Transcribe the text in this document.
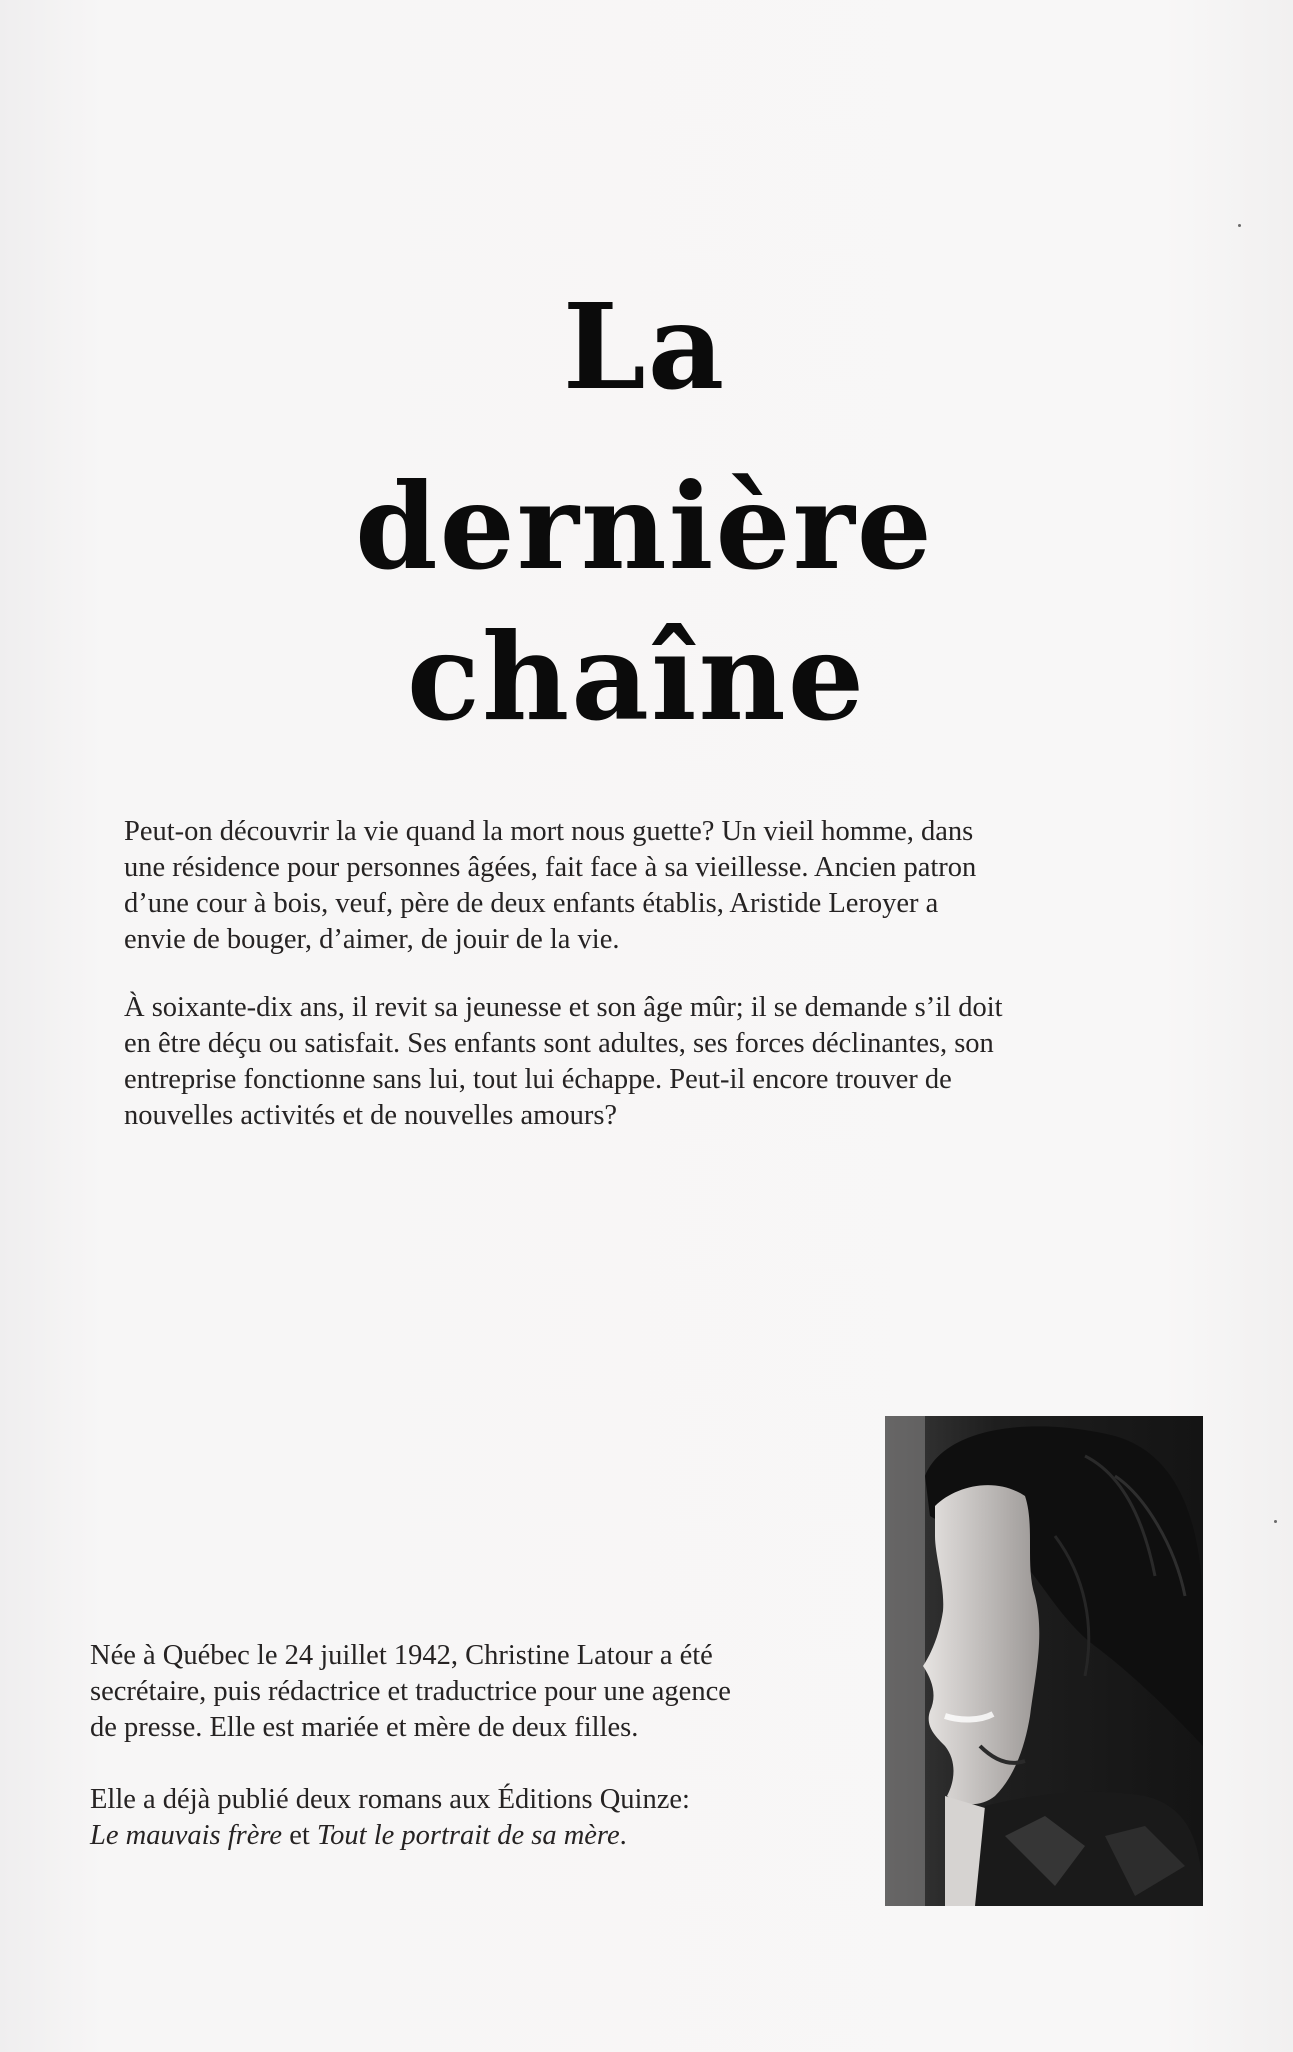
La
dernière
chaîne

Peut-on découvrir la vie quand la mort nous guette? Un vieil homme, dans
une résidence pour personnes âgées, fait face à sa vieillesse. Ancien patron
d’une cour à bois, veuf, père de deux enfants établis, Aristide Leroyer a
envie de bouger, d’aimer, de jouir de la vie.

À soixante-dix ans, il revit sa jeunesse et son âge mûr; il se demande s’il doit
en être déçu ou satisfait. Ses enfants sont adultes, ses forces déclinantes, son
entreprise fonctionne sans lui, tout lui échappe. Peut-il encore trouver de
nouvelles activités et de nouvelles amours?

Née à Québec le 24 juillet 1942, Christine Latour a été
secrétaire, puis rédactrice et traductrice pour une agence
de presse. Elle est mariée et mère de deux filles.

Elle a déjà publié deux romans aux Éditions Quinze:
Le mauvais frère et Tout le portrait de sa mère.
